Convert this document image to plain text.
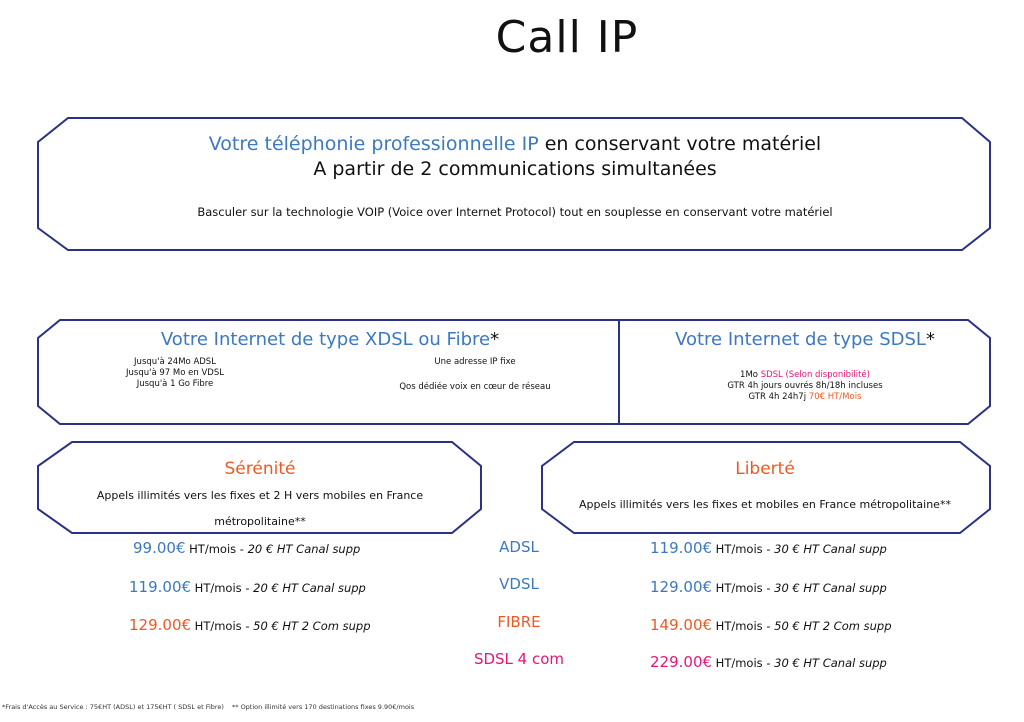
Call IP
Votre téléphonie professionnelle IP en conservant votre matériel
A partir de 2 communications simultanées
Basculer sur la technologie VOIP (Voice over Internet Protocol) tout en souplesse en conservant votre matériel
Votre Internet de type XDSL ou Fibre*
Jusqu'à 24Mo ADSL
Jusqu'à 97 Mo en VDSL
Jusqu'à 1 Go Fibre
Une adresse IP fixe
Qos dédiée voix en cœur de réseau
Votre Internet de type SDSL*
1Mo SDSL (Selon disponibilité)
GTR 4h jours ouvrés 8h/18h incluses
GTR 4h 24h7j 70€ HT/Mois
Sérénité
Appels illimités vers les fixes et 2 H vers mobiles en France
métropolitaine**
Liberté
Appels illimités vers les fixes et mobiles en France métropolitaine**
99.00€ HT/mois - 20 € HT Canal supp
119.00€ HT/mois - 20 € HT Canal supp
129.00€ HT/mois - 50 € HT 2 Com supp
ADSL
VDSL
FIBRE
SDSL 4 com
119.00€ HT/mois - 30 € HT Canal supp
129.00€ HT/mois - 30 € HT Canal supp
149.00€ HT/mois - 50 € HT 2 Com supp
229.00€ HT/mois - 30 € HT Canal supp
*Frais d'Accès au Service : 75€HT (ADSL) et 175€HT ( SDSL et Fibre) ** Option illimité vers 170 destinations fixes 9.90€/mois
